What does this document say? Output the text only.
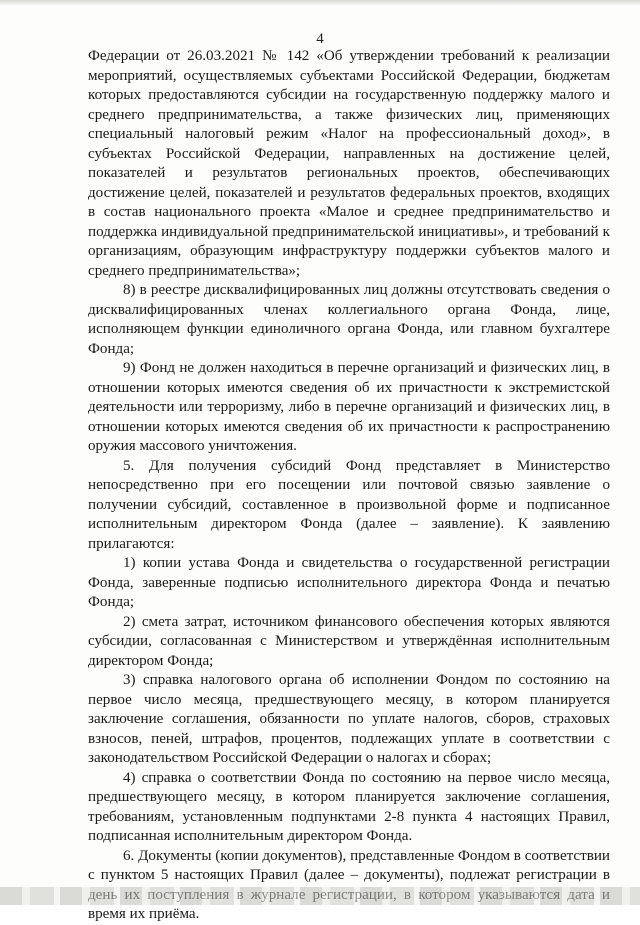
4

Федерации от 26.03.2021 № 142 «Об утверждении требований к реализации мероприятий, осуществляемых субъектами Российской Федерации, бюджетам которых предоставляются субсидии на государственную поддержку малого и среднего предпринимательства, а также физических лиц, применяющих специальный налоговый режим «Налог на профессиональный доход», в субъектах Российской Федерации, направленных на достижение целей, показателей и результатов региональных проектов, обеспечивающих достижение целей, показателей и результатов федеральных проектов, входящих в состав национального проекта «Малое и среднее предпринимательство и поддержка индивидуальной предпринимательской инициативы», и требований к организациям, образующим инфраструктуру поддержки субъектов малого и среднего предпринимательства»;

8) в реестре дисквалифицированных лиц должны отсутствовать сведения о дисквалифицированных членах коллегиального органа Фонда, лице, исполняющем функции единоличного органа Фонда, или главном бухгалтере Фонда;

9) Фонд не должен находиться в перечне организаций и физических лиц, в отношении которых имеются сведения об их причастности к экстремистской деятельности или терроризму, либо в перечне организаций и физических лиц, в отношении которых имеются сведения об их причастности к распространению оружия массового уничтожения.

5. Для получения субсидий Фонд представляет в Министерство непосредственно при его посещении или почтовой связью заявление о получении субсидий, составленное в произвольной форме и подписанное исполнительным директором Фонда (далее – заявление). К заявлению прилагаются:

1) копии устава Фонда и свидетельства о государственной регистрации Фонда, заверенные подписью исполнительного директора Фонда и печатью Фонда;

2) смета затрат, источником финансового обеспечения которых являются субсидии, согласованная с Министерством и утверждённая исполнительным директором Фонда;

3) справка налогового органа об исполнении Фондом по состоянию на первое число месяца, предшествующего месяцу, в котором планируется заключение соглашения, обязанности по уплате налогов, сборов, страховых взносов, пеней, штрафов, процентов, подлежащих уплате в соответствии с законодательством Российской Федерации о налогах и сборах;

4) справка о соответствии Фонда по состоянию на первое число месяца, предшествующего месяцу, в котором планируется заключение соглашения, требованиям, установленным подпунктами 2-8 пункта 4 настоящих Правил, подписанная исполнительным директором Фонда.

6. Документы (копии документов), представленные Фондом в соответствии с пунктом 5 настоящих Правил (далее – документы), подлежат регистрации в время их приёма.
